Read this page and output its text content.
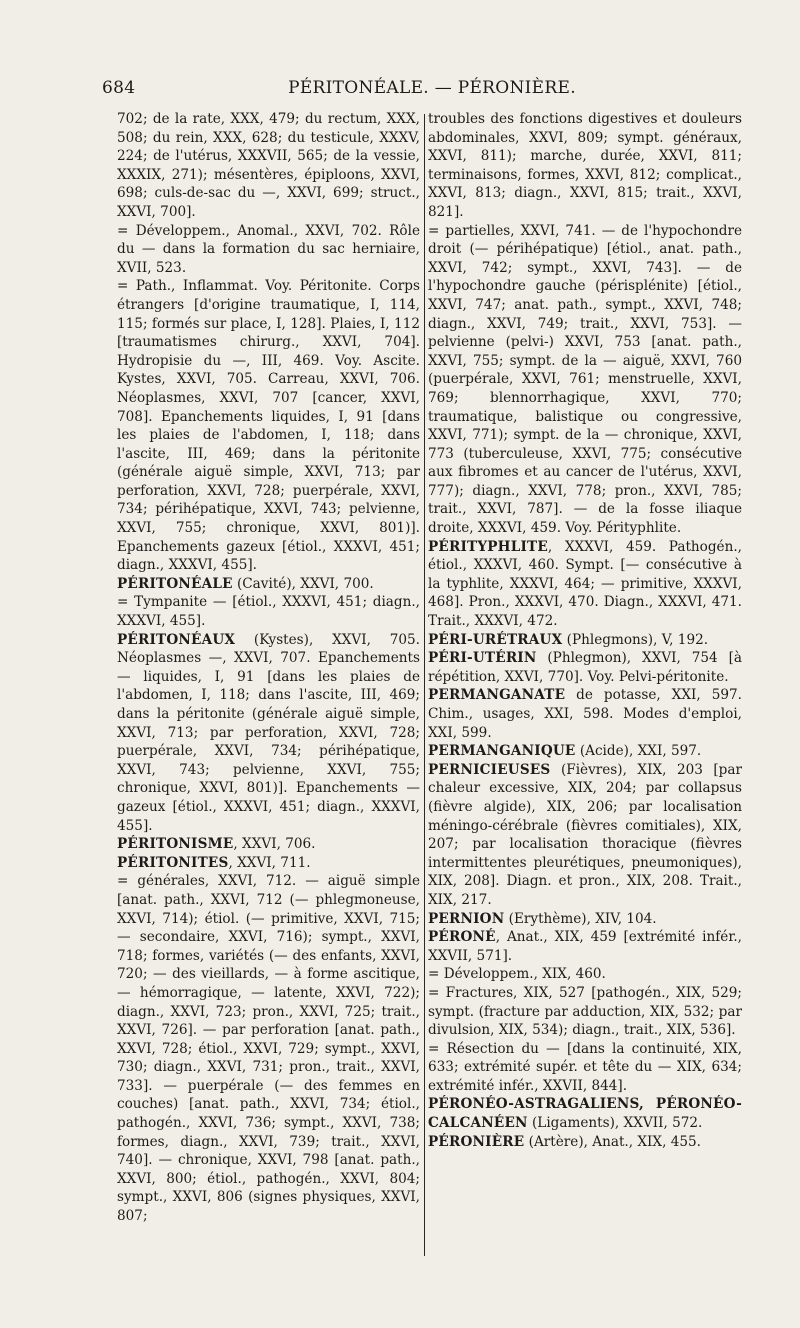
684	PÉRITONÉALE. — PÉRONIÈRE.

702; de la rate, XXX, 479; du rectum, XXX, 508; du rein, XXX, 628; du testicule, XXXV, 224; de l'utérus, XXXVII, 565; de la vessie, XXXIX, 271); mésentères, épiploons, XXVI, 698; culs-de-sac du —, XXVI, 699; struct., XXVI, 700].

= Développem., Anomal., XXVI, 702. Rôle du — dans la formation du sac herniaire, XVII, 523.

= Path., Inflammat. Voy. Péritonite. Corps étrangers [d'origine traumatique, I, 114, 115; formés sur place, I, 128]. Plaies, I, 112 [traumatismes chirurg., XXVI, 704]. Hydropisie du —, III, 469. Voy. Ascite. Kystes, XXVI, 705. Carreau, XXVI, 706. Néoplasmes, XXVI, 707 [cancer, XXVI, 708]. Epanchements liquides, I, 91 [dans les plaies de l'abdomen, I, 118; dans l'ascite, III, 469; dans la péritonite (générale aiguë simple, XXVI, 713; par perforation, XXVI, 728; puerpérale, XXVI, 734; périhépatique, XXVI, 743; pelvienne, XXVI, 755; chronique, XXVI, 801)]. Epanchements gazeux [étiol., XXXVI, 451; diagn., XXXVI, 455].

PÉRITONÉALE (Cavité), XXVI, 700.

= Tympanite — [étiol., XXXVI, 451; diagn., XXXVI, 455].

PÉRITONÉAUX (Kystes), XXVI, 705. Néoplasmes —, XXVI, 707. Epanchements — liquides, I, 91 [dans les plaies de l'abdomen, I, 118; dans l'ascite, III, 469; dans la péritonite (générale aiguë simple, XXVI, 713; par perforation, XXVI, 728; puerpérale, XXVI, 734; périhépatique, XXVI, 743; pelvienne, XXVI, 755; chronique, XXVI, 801)]. Epanchements — gazeux [étiol., XXXVI, 451; diagn., XXXVI, 455].

PÉRITONISME, XXVI, 706.

PÉRITONITES, XXVI, 711.

= générales, XXVI, 712. — aiguë simple [anat. path., XXVI, 712 (— phlegmoneuse, XXVI, 714); étiol. (— primitive, XXVI, 715; — secondaire, XXVI, 716); sympt., XXVI, 718; formes, variétés (— des enfants, XXVI, 720; — des vieillards, — à forme ascitique, — hémorragique, — latente, XXVI, 722); diagn., XXVI, 723; pron., XXVI, 725; trait., XXVI, 726]. — par perforation [anat. path., XXVI, 728; étiol., XXVI, 729; sympt., XXVI, 730; diagn., XXVI, 731; pron., trait., XXVI, 733]. — puerpérale (— des femmes en couches) [anat. path., XXVI, 734; étiol., pathogén., XXVI, 736; sympt., XXVI, 738; formes, diagn., XXVI, 739; trait., XXVI, 740]. — chronique, XXVI, 798 [anat. path., XXVI, 800; étiol., pathogén., XXVI, 804; sympt., XXVI, 806 (signes physiques, XXVI, 807;

troubles des fonctions digestives et douleurs abdominales, XXVI, 809; sympt. généraux, XXVI, 811); marche, durée, XXVI, 811; terminaisons, formes, XXVI, 812; complicat., XXVI, 813; diagn., XXVI, 815; trait., XXVI, 821].

= partielles, XXVI, 741. — de l'hypochondre droit (— périhépatique) [étiol., anat. path., XXVI, 742; sympt., XXVI, 743]. — de l'hypochondre gauche (périsplénite) [étiol., XXVI, 747; anat. path., sympt., XXVI, 748; diagn., XXVI, 749; trait., XXVI, 753]. — pelvienne (pelvi-) XXVI, 753 [anat. path., XXVI, 755; sympt. de la — aiguë, XXVI, 760 (puerpérale, XXVI, 761; menstruelle, XXVI, 769; blennorrhagique, XXVI, 770; traumatique, balistique ou congressive, XXVI, 771); sympt. de la — chronique, XXVI, 773 (tuberculeuse, XXVI, 775; consécutive aux fibromes et au cancer de l'utérus, XXVI, 777); diagn., XXVI, 778; pron., XXVI, 785; trait., XXVI, 787]. — de la fosse iliaque droite, XXXVI, 459. Voy. Pérityphlite.

PÉRITYPHLITE, XXXVI, 459. Pathogén., étiol., XXXVI, 460. Sympt. [— consécutive à la typhlite, XXXVI, 464; — primitive, XXXVI, 468]. Pron., XXXVI, 470. Diagn., XXXVI, 471. Trait., XXXVI, 472.

PÉRI-URÉTRAUX (Phlegmons), V, 192.

PÉRI-UTÉRIN (Phlegmon), XXVI, 754 [à répétition, XXVI, 770]. Voy. Pelvi-péritonite.

PERMANGANATE de potasse, XXI, 597. Chim., usages, XXI, 598. Modes d'emploi, XXI, 599.

PERMANGANIQUE (Acide), XXI, 597.

PERNICIEUSES (Fièvres), XIX, 203 [par chaleur excessive, XIX, 204; par collapsus (fièvre algide), XIX, 206; par localisation méningo-cérébrale (fièvres comitiales), XIX, 207; par localisation thoracique (fièvres intermittentes pleurétiques, pneumoniques), XIX, 208]. Diagn. et pron., XIX, 208. Trait., XIX, 217.

PERNION (Erythème), XIV, 104.

PÉRONÉ, Anat., XIX, 459 [extrémité infér., XXVII, 571].

= Développem., XIX, 460.

= Fractures, XIX, 527 [pathogén., XIX, 529; sympt. (fracture par adduction, XIX, 532; par divulsion, XIX, 534); diagn., trait., XIX, 536].

= Résection du — [dans la continuité, XIX, 633; extrémité supér. et tête du — XIX, 634; extrémité infér., XXVII, 844].

PÉRONÉO-ASTRAGALIENS, PÉRONÉO-CALCANÉEN (Ligaments), XXVII, 572.

PÉRONIÈRE (Artère), Anat., XIX, 455.
